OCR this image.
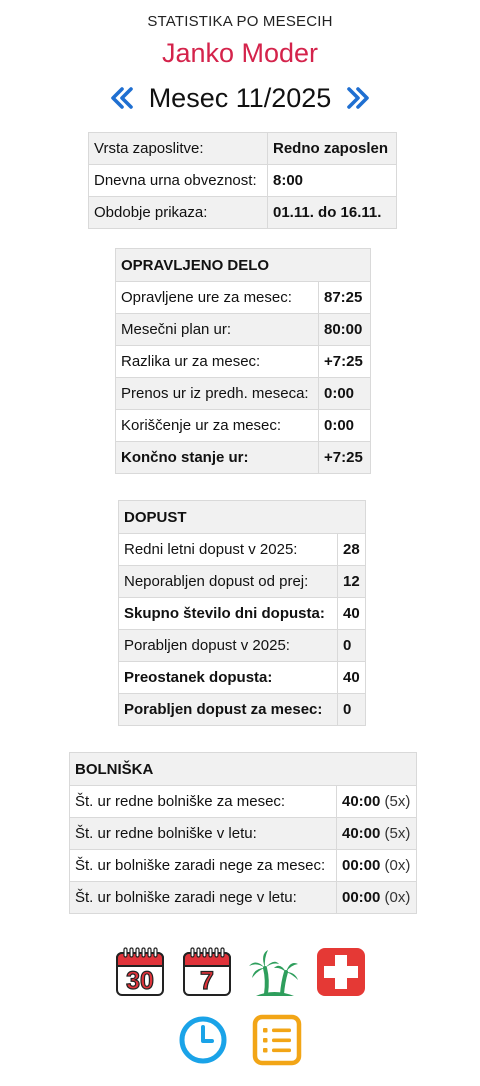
STATISTIKA PO MESECIH
Janko Moder
Mesec 11/2025
Vrsta zaposlitve:	Redno zaposlen
Dnevna urna obveznost:	8:00
Obdobje prikaza:	01.11. do 16.11.
OPRAVLJENO DELO	
Opravljene ure za mesec:	87:25
Mesečni plan ur:	80:00
Razlika ur za mesec:	+7:25
Prenos ur iz predh. meseca:	0:00
Koriščenje ur za mesec:	0:00
Končno stanje ur:	+7:25
DOPUST	
Redni letni dopust v 2025:	28
Neporabljen dopust od prej:	12
Skupno število dni dopusta:	40
Porabljen dopust v 2025:	0
Preostanek dopusta:	40
Porabljen dopust za mesec:	0
BOLNIŠKA	
Št. ur redne bolniške za mesec:	40:00 (5x)
Št. ur redne bolniške v letu:	40:00 (5x)
Št. ur bolniške zaradi nege za mesec:	00:00 (0x)
Št. ur bolniške zaradi nege v letu:	00:00 (0x)
30 7
